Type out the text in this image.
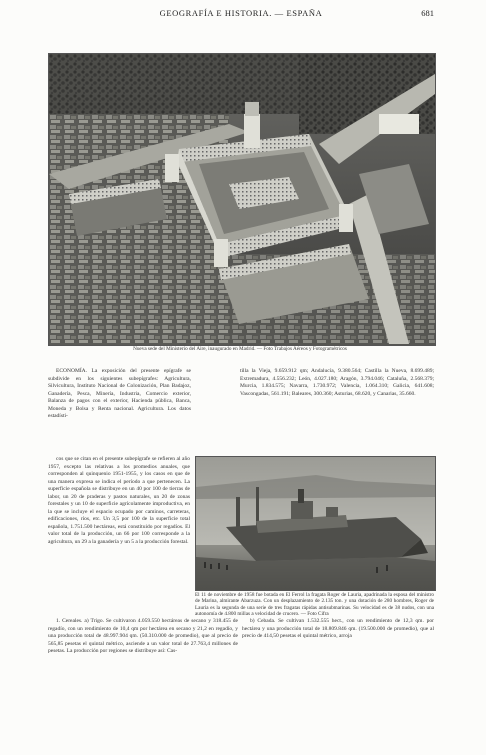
GEOGRAFÍA E HISTORIA. — ESPAÑA	681
Nueva sede del Ministerio del Aire, inaugurado en Madrid. — Foto Trabajos Aéreos y Fotogramétricos

ECONOMÍA. La exposición del presente epígrafe se subdivide en los siguientes subepígrafes: Agricultura, Silvicultura, Instituto Nacional de Colonización, Plan Badajoz, Ganadería, Pesca, Minería, Industria, Comercio exterior, Balanza de pagos con el exterior, Hacienda pública, Banca, Moneda y Bolsa y Renta nacional. Agricultura. Los datos estadísti-

tilla la Vieja, 9.659.912 qm; Andalucía, 9.380.564; Castilla la Nueva, 8.699.489; Extremadura, 4.556.232; León, 4.027.180; Aragón, 3.794.046; Cataluña, 2.568.379; Murcia, 1.834.575; Navarra, 1.730.972; Valencia, 1.064.310; Galicia, 641.608; Vascongadas, 561.191; Baleares, 300.360; Asturias, 68.620, y Canarias, 35.660.

El 11 de noviembre de 1958 fue botada en El Ferrol la fragata Roger de Lauria, apadrinada la esposa del ministro de Marina, almirante Abarzuza. Con un desplazamiento de 2.135 ton. y una dotación de 280 hombres, Roger de Lauria es la segunda de una serie de tres fragatas rápidas antisubmarinas. Su velocidad es de 38 nudos, con una autonomía de 4.800 millas a velocidad de crucero. — Foto Cifra

cos que se citan en el presente subepígrafe se refieren al año 1957, excepto las relativas a los promedios anuales, que corresponden al quinquenio 1951-1955, y los casos en que de una manera expresa se indica el período a que pertenecen. La superficie española se distribuye en un 40 por 100 de tierras de labor, un 20 de praderas y pastos naturales, un 20 de zonas forestales y un 10 de superficie agrícolamente improductiva, en la que se incluye el espacio ocupado por caminos, carreteras, edificaciones, ríos, etc. Un 3,5 por 100 de la superficie total española, 1.751.500 hectáreas, está constituido por regadíos. El valor total de la producción, un 66 por 100 corresponde a la agricultura, un 29 a la ganadería y un 5 a la producción forestal.

1. Cereales. a) Trigo. Se cultivaron 4.059.550 hectáreas de secano y 318.455 de regadío, con un rendimiento de 10,4 qm por hectárea en secano y 21,2 en regadío, y una producción total de 48.997.904 qm. (50.310.000 de promedio), que al precio de 565,85 pesetas el quintal métrico, asciende a un valor total de 27.763,4 millones de pesetas. La producción por regiones se distribuye así: Cas-

b) Cebada. Se cultivan 1.532.555 hect., con un rendimiento de 12,3 qm. por hectárea y una producción total de 18.809.846 qm. (19.500.000 de promedio), que al precio de 414,50 pesetas el quintal métrico, arroja
